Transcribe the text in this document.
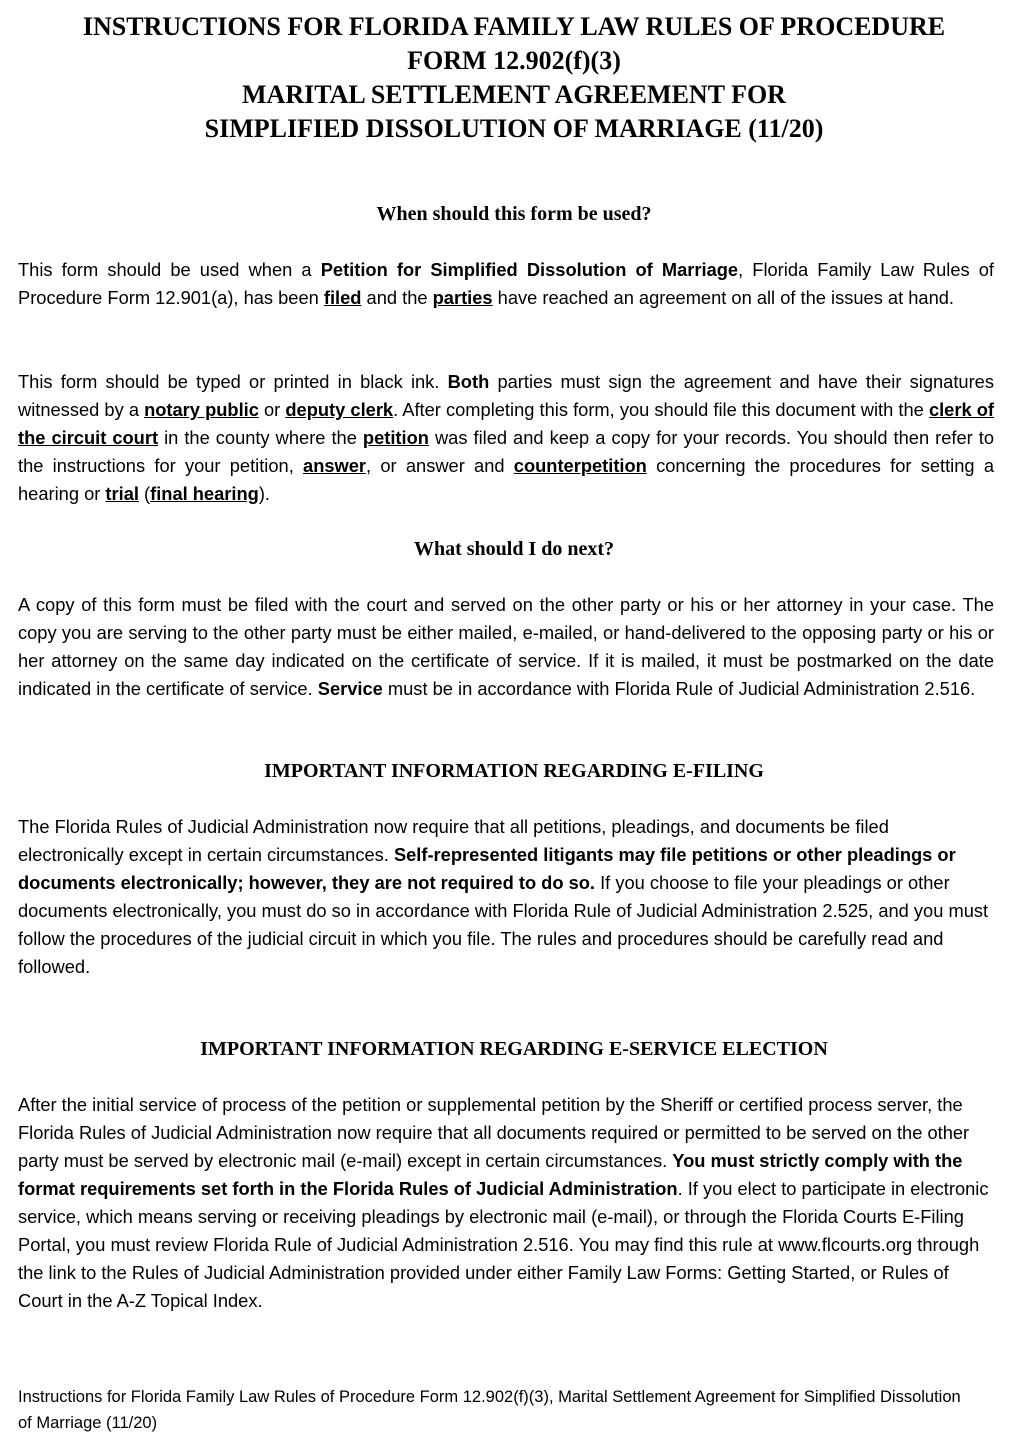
INSTRUCTIONS FOR FLORIDA FAMILY LAW RULES OF PROCEDURE
FORM 12.902(f)(3)
MARITAL SETTLEMENT AGREEMENT FOR
SIMPLIFIED DISSOLUTION OF MARRIAGE (11/20)
When should this form be used?
This form should be used when a Petition for Simplified Dissolution of Marriage, Florida Family Law Rules of Procedure Form 12.901(a), has been filed and the parties have reached an agreement on all of the issues at hand.
This form should be typed or printed in black ink. Both parties must sign the agreement and have their signatures witnessed by a notary public or deputy clerk. After completing this form, you should file this document with the clerk of the circuit court in the county where the petition was filed and keep a copy for your records. You should then refer to the instructions for your petition, answer, or answer and counterpetition concerning the procedures for setting a hearing or trial (final hearing).
What should I do next?
A copy of this form must be filed with the court and served on the other party or his or her attorney in your case. The copy you are serving to the other party must be either mailed, e-mailed, or hand-delivered to the opposing party or his or her attorney on the same day indicated on the certificate of service. If it is mailed, it must be postmarked on the date indicated in the certificate of service. Service must be in accordance with Florida Rule of Judicial Administration 2.516.
IMPORTANT INFORMATION REGARDING E-FILING
The Florida Rules of Judicial Administration now require that all petitions, pleadings, and documents be filed electronically except in certain circumstances. Self-represented litigants may file petitions or other pleadings or documents electronically; however, they are not required to do so. If you choose to file your pleadings or other documents electronically, you must do so in accordance with Florida Rule of Judicial Administration 2.525, and you must follow the procedures of the judicial circuit in which you file. The rules and procedures should be carefully read and followed.
IMPORTANT INFORMATION REGARDING E-SERVICE ELECTION
After the initial service of process of the petition or supplemental petition by the Sheriff or certified process server, the Florida Rules of Judicial Administration now require that all documents required or permitted to be served on the other party must be served by electronic mail (e-mail) except in certain circumstances. You must strictly comply with the format requirements set forth in the Florida Rules of Judicial Administration. If you elect to participate in electronic service, which means serving or receiving pleadings by electronic mail (e-mail), or through the Florida Courts E-Filing Portal, you must review Florida Rule of Judicial Administration 2.516. You may find this rule at www.flcourts.org through the link to the Rules of Judicial Administration provided under either Family Law Forms: Getting Started, or Rules of Court in the A-Z Topical Index.
Instructions for Florida Family Law Rules of Procedure Form 12.902(f)(3), Marital Settlement Agreement for Simplified Dissolution of Marriage (11/20)
